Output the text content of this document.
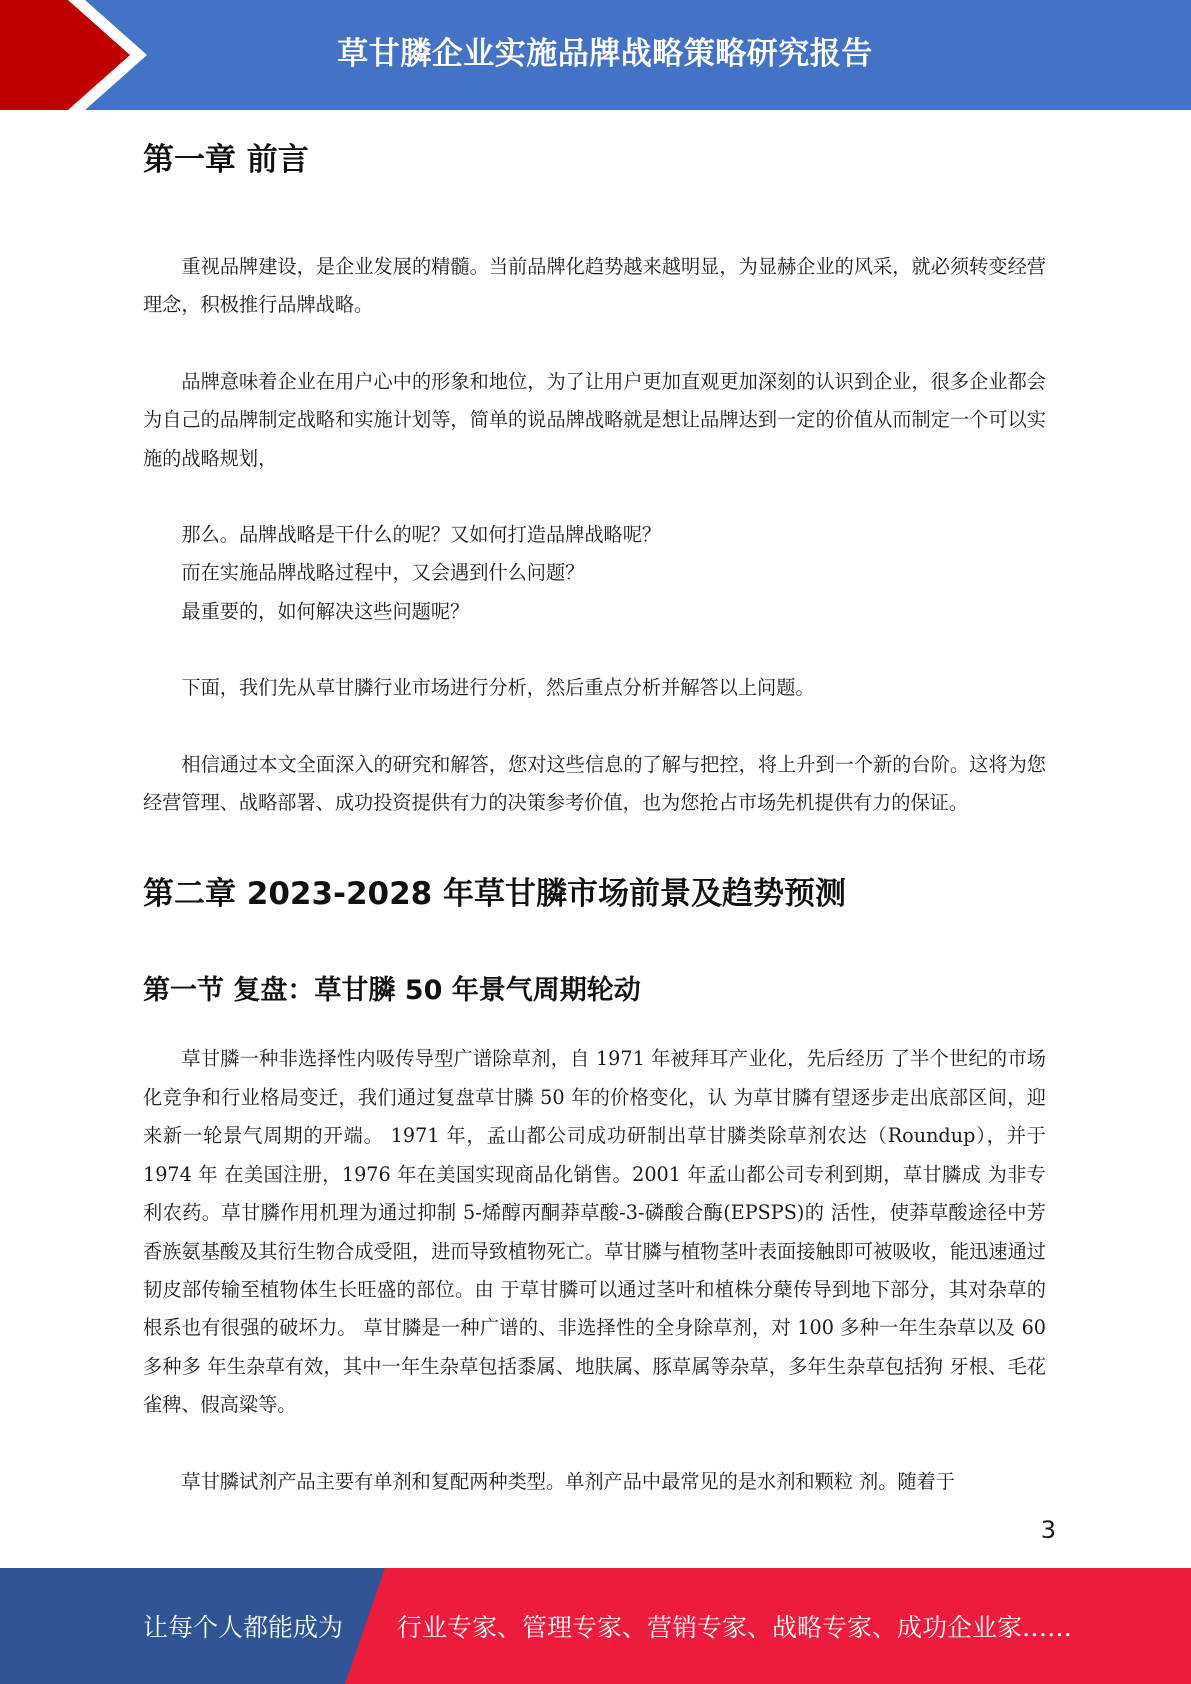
草甘膦企业实施品牌战略策略研究报告
第一章 前言

重视品牌建设，是企业发展的精髓。当前品牌化趋势越来越明显，为显赫企业的风采，就必须转变经营理念，积极推行品牌战略。

品牌意味着企业在用户心中的形象和地位，为了让用户更加直观更加深刻的认识到企业，很多企业都会为自己的品牌制定战略和实施计划等，简单的说品牌战略就是想让品牌达到一定的价值从而制定一个可以实施的战略规划，

那么。品牌战略是干什么的呢？又如何打造品牌战略呢？

而在实施品牌战略过程中，又会遇到什么问题？

最重要的，如何解决这些问题呢？

下面，我们先从草甘膦行业市场进行分析，然后重点分析并解答以上问题。

相信通过本文全面深入的研究和解答，您对这些信息的了解与把控，将上升到一个新的台阶。这将为您经营管理、战略部署、成功投资提供有力的决策参考价值，也为您抢占市场先机提供有力的保证。

第二章 2023-2028 年草甘膦市场前景及趋势预测
第一节 复盘：草甘膦 50 年景气周期轮动

草甘膦一种非选择性内吸传导型广谱除草剂，自 1971 年被拜耳产业化，先后经历 了半个世纪的市场化竞争和行业格局变迁，我们通过复盘草甘膦 50 年的价格变化，认 为草甘膦有望逐步走出底部区间，迎来新一轮景气周期的开端。 1971 年，孟山都公司成功研制出草甘膦类除草剂农达（Roundup），并于 1974 年 在美国注册，1976 年在美国实现商品化销售。2001 年孟山都公司专利到期，草甘膦成 为非专利农药。草甘膦作用机理为通过抑制 5-烯醇丙酮莽草酸-3-磷酸合酶(EPSPS)的 活性，使莽草酸途径中芳香族氨基酸及其衍生物合成受阻，进而导致植物死亡。草甘膦与植物茎叶表面接触即可被吸收，能迅速通过韧皮部传输至植物体生长旺盛的部位。由 于草甘膦可以通过茎叶和植株分蘖传导到地下部分，其对杂草的根系也有很强的破坏力。 草甘膦是一种广谱的、非选择性的全身除草剂，对 100 多种一年生杂草以及 60 多种多 年生杂草有效，其中一年生杂草包括黍属、地肤属、豚草属等杂草，多年生杂草包括狗 牙根、毛花雀稗、假高粱等。

草甘膦试剂产品主要有单剂和复配两种类型。单剂产品中最常见的是水剂和颗粒 剂。随着于

3
让每个人都能成为 行业专家、管理专家、营销专家、战略专家、成功企业家……
